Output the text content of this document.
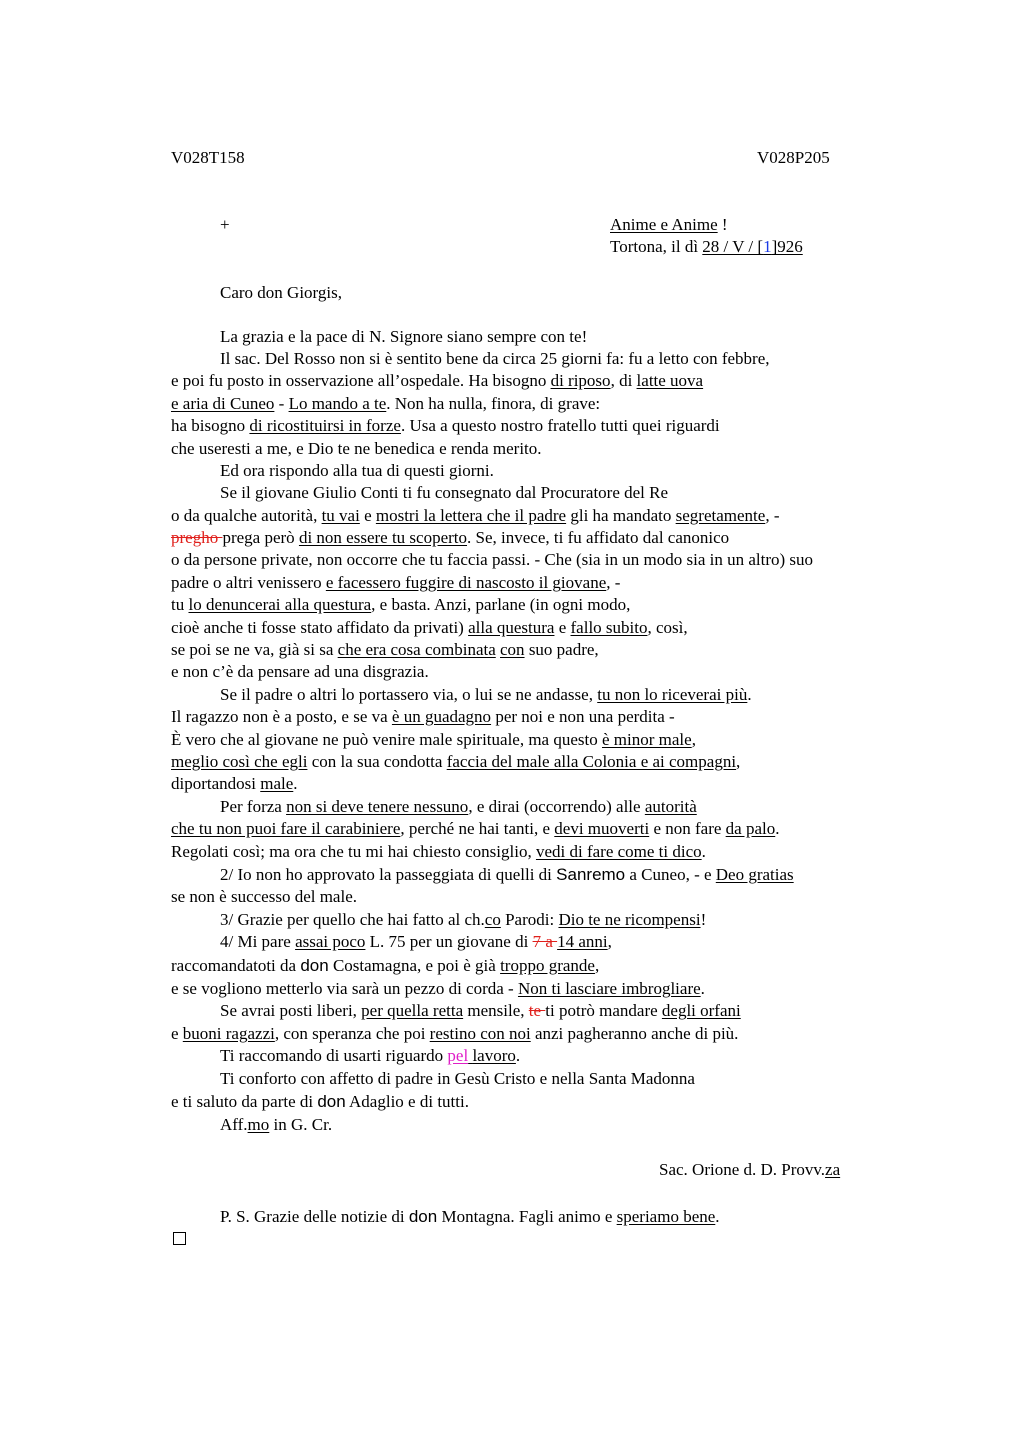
V028T158	V028P205
+	Anime e Anime !
Tortona, il dì 28 / V / [1]926
Caro don Giorgis,
La grazia e la pace di N. Signore siano sempre con te!
Il sac. Del Rosso non si è sentito bene da circa 25 giorni fa: fu a letto con febbre,
e poi fu posto in osservazione all’ospedale. Ha bisogno di riposo, di latte uova
e aria di Cuneo - Lo mando a te. Non ha nulla, finora, di grave:
ha bisogno di ricostituirsi in forze. Usa a questo nostro fratello tutti quei riguardi
che useresti a me, e Dio te ne benedica e renda merito.
Ed ora rispondo alla tua di questi giorni.
Se il giovane Giulio Conti ti fu consegnato dal Procuratore del Re
o da qualche autorità, tu vai e mostri la lettera che il padre gli ha mandato segretamente, -
pregho prega però di non essere tu scoperto. Se, invece, ti fu affidato dal canonico
o da persone private, non occorre che tu faccia passi. - Che (sia in un modo sia in un altro) suo
padre o altri venissero e facessero fuggire di nascosto il giovane, -
tu lo denuncerai alla questura, e basta. Anzi, parlane (in ogni modo,
cioè anche ti fosse stato affidato da privati) alla questura e fallo subito, così,
se poi se ne va, già si sa che era cosa combinata con suo padre,
e non c’è da pensare ad una disgrazia.
Se il padre o altri lo portassero via, o lui se ne andasse, tu non lo riceverai più.
Il ragazzo non è a posto, e se va è un guadagno per noi e non una perdita -
È vero che al giovane ne può venire male spirituale, ma questo è minor male,
meglio così che egli con la sua condotta faccia del male alla Colonia e ai compagni,
diportandosi male.
Per forza non si deve tenere nessuno, e dirai (occorrendo) alle autorità
che tu non puoi fare il carabiniere, perché ne hai tanti, e devi muoverti e non fare da palo.
Regolati così; ma ora che tu mi hai chiesto consiglio, vedi di fare come ti dico.
2/ Io non ho approvato la passeggiata di quelli di Sanremo a Cuneo, - e Deo gratias
se non è successo del male.
3/ Grazie per quello che hai fatto al ch.co Parodi: Dio te ne ricompensi!
4/ Mi pare assai poco L. 75 per un giovane di 7 a 14 anni,
raccomandatoti da don Costamagna, e poi è già troppo grande,
e se vogliono metterlo via sarà un pezzo di corda - Non ti lasciare imbrogliare.
Se avrai posti liberi, per quella retta mensile, te ti potrò mandare degli orfani
e buoni ragazzi, con speranza che poi restino con noi anzi pagheranno anche di più.
Ti raccomando di usarti riguardo pel lavoro.
Ti conforto con affetto di padre in Gesù Cristo e nella Santa Madonna
e ti saluto da parte di don Adaglio e di tutti.
Aff.mo in G. Cr.
Sac. Orione d. D. Provv.za
P. S. Grazie delle notizie di don Montagna. Fagli animo e speriamo bene.
